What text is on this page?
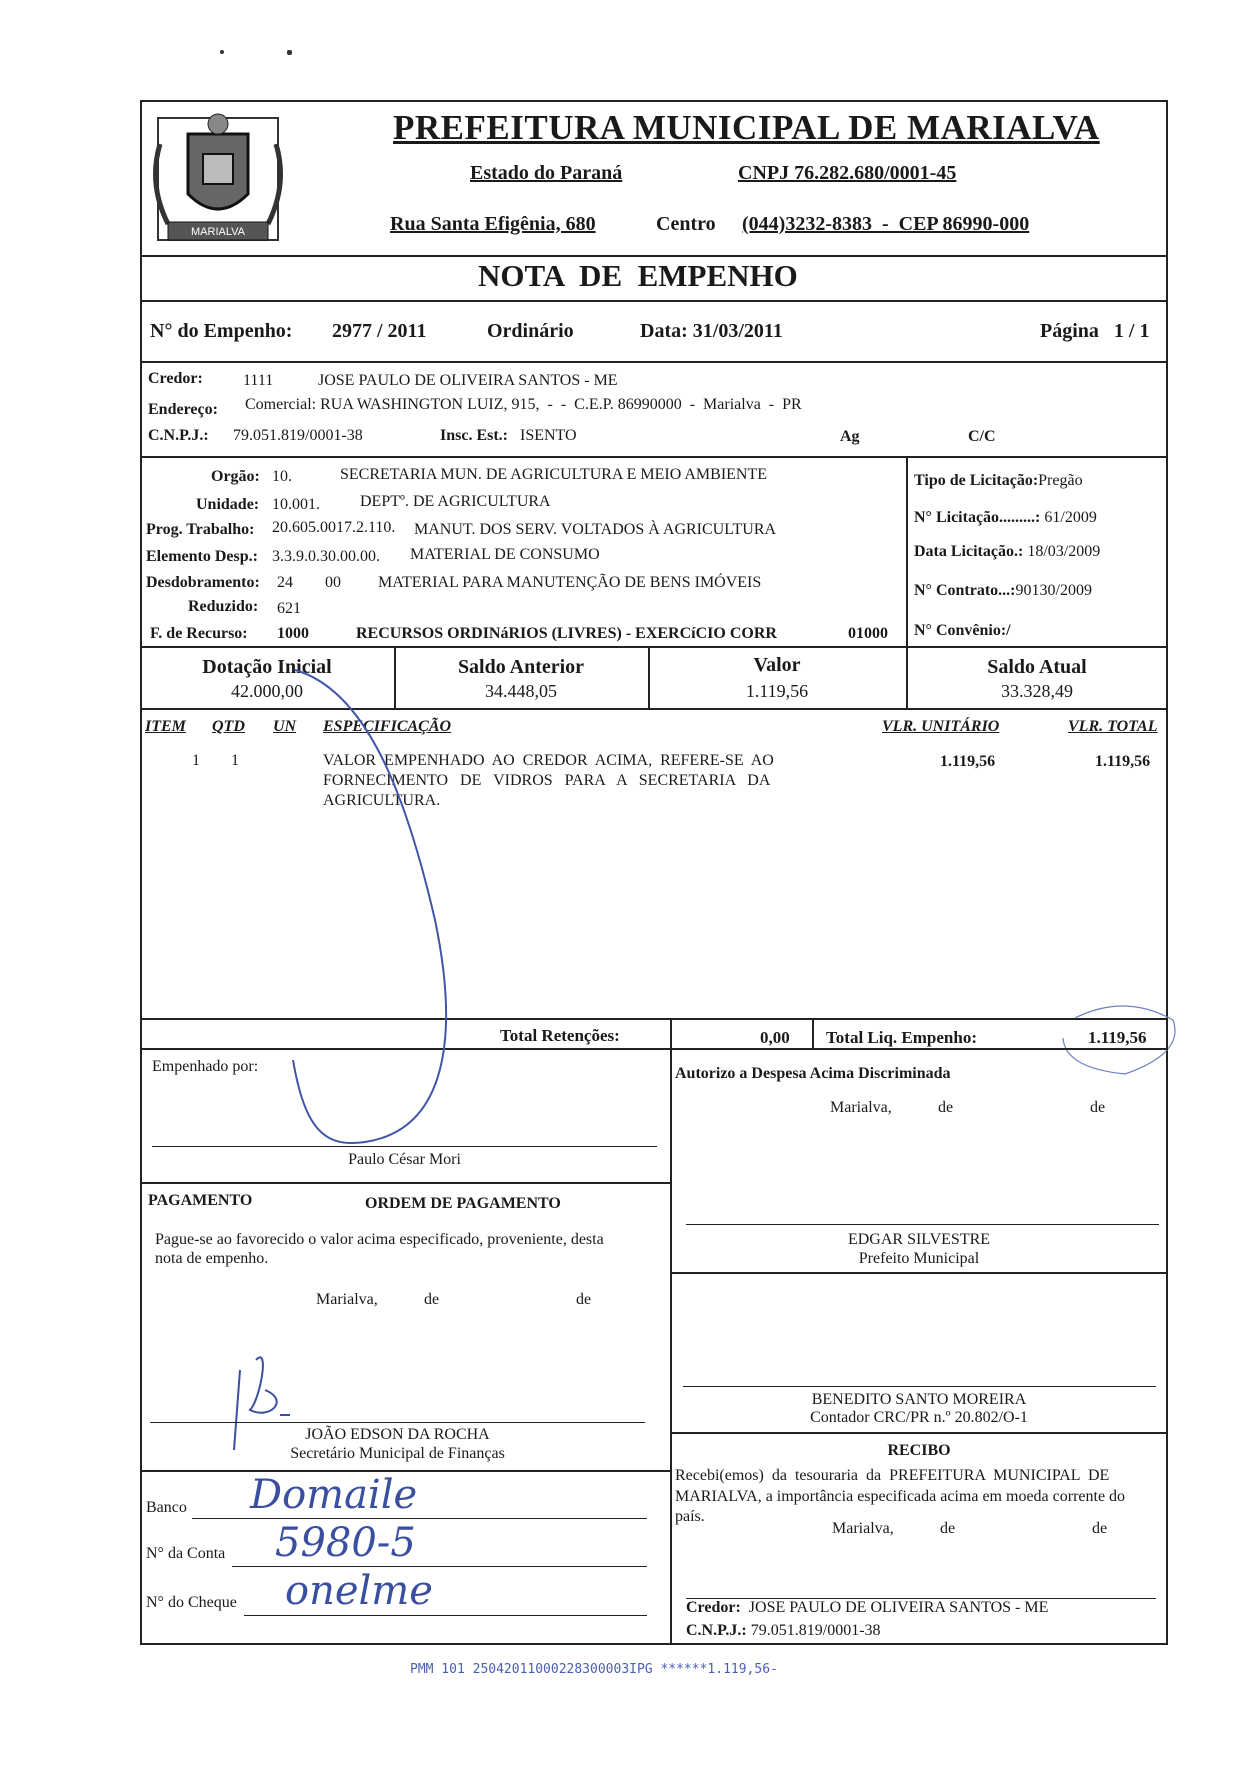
MARIALVA
PREFEITURA MUNICIPAL DE MARIALVA
Estado do Paraná	CNPJ 76.282.680/0001-45
Rua Santa Efigênia, 680	Centro (044)3232-8383  -  CEP 86990-000
NOTA  DE  EMPENHO
N° do Empenho: 2977 / 2011	Ordinário	Data: 31/03/2011	Página   1 / 1
Credor:	1111	JOSE PAULO DE OLIVEIRA SANTOS - ME
Endereço: Comercial: RUA WASHINGTON LUIZ, 915,  -  -  C.E.P. 86990000  -  Marialva  -  PR
C.N.P.J.: 79.051.819/0001-38	Insc. Est.: ISENTO	Ag	C/C
Orgão: 10.	SECRETARIA MUN. DE AGRICULTURA E MEIO AMBIENTE
Unidade: 10.001.	DEPTº. DE AGRICULTURA
Prog. Trabalho: 20.605.0017.2.110. MANUT. DOS SERV. VOLTADOS À AGRICULTURA
Elemento Desp.: 3.3.9.0.30.00.00. MATERIAL DE CONSUMO
Desdobramento: 24 00 MATERIAL PARA MANUTENÇÃO DE BENS IMÓVEIS
Reduzido: 621
F. de Recurso: 1000	RECURSOS ORDINáRIOS (LIVRES) - EXERCíCIO CORR	01000
Tipo de Licitação:Pregão
N° Licitação.........: 61/2009
Data Licitação.: 18/03/2009
N° Contrato...:90130/2009
N° Convênio:/
Dotação Inicial
42.000,00
Saldo Anterior
34.448,05
Valor
1.119,56
Saldo Atual
33.328,49
ITEM QTD UN ESPECIFICAÇÃO	VLR. UNITÁRIO	VLR. TOTAL
1 1	VALOR  EMPENHADO  AO  CREDOR  ACIMA,  REFERE-SE  AO
FORNECIMENTO   DE   VIDROS   PARA   A   SECRETARIA   DA
AGRICULTURA.
1.119,56	1.119,56
Total Retenções:	0,00 Total Liq. Empenho:	1.119,56
Empenhado por:
Paulo César Mori
Autorizo a Despesa Acima Discriminada
Marialva,	de	de
EDGAR SILVESTRE
Prefeito Municipal
PAGAMENTO	ORDEM DE PAGAMENTO
Pague-se ao favorecido o valor acima especificado, proveniente, desta
nota de empenho.
Marialva,	de	de
JOÃO EDSON DA ROCHA
Secretário Municipal de Finanças
Banco Domaile
N° da Conta 5980-5
N° do Cheque onelme
BENEDITO SANTO MOREIRA
Contador CRC/PR n.º 20.802/O-1
RECIBO
Recebi(emos)  da  tesouraria  da  PREFEITURA  MUNICIPAL  DE
MARIALVA, a importância especificada acima em moeda corrente do
país.
Marialva,	de	de
Credor: JOSE PAULO DE OLIVEIRA SANTOS - ME
C.N.P.J.: 79.051.819/0001-38
PMM 101 25042011000228300003IPG ******1.119,56-
